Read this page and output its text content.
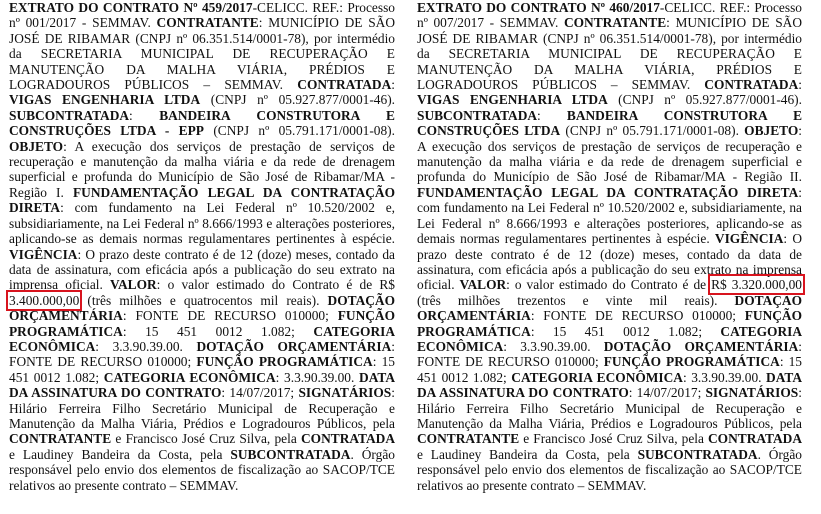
EXTRATO DO CONTRATO Nº 459/2017-CELICC. REF.: Processo nº 001/2017 - SEMMAV. CONTRATANTE: MUNICÍPIO DE SÃO JOSÉ DE RIBAMAR (CNPJ nº 06.351.514/0001-78), por intermédio da SECRETARIA MUNICIPAL DE RECUPERAÇÃO E MANUTENÇÃO DA MALHA VIÁRIA, PRÉDIOS E LOGRADOUROS PÚBLICOS – SEMMAV. CONTRATADA: VIGAS ENGENHARIA LTDA (CNPJ nº 05.927.877/0001-46). SUBCONTRATADA: BANDEIRA CONSTRUTORA E CONSTRUÇÕES LTDA - EPP (CNPJ nº 05.791.171/0001-08). OBJETO: A execução dos serviços de prestação de serviços de recuperação e manutenção da malha viária e da rede de drenagem superficial e profunda do Município de São José de Ribamar/MA - Região I. FUNDAMENTAÇÃO LEGAL DA CONTRATAÇÃO DIRETA: com fundamento na Lei Federal nº 10.520/2002 e, subsidiariamente, na Lei Federal nº 8.666/1993 e alterações posteriores, aplicando-se as demais normas regulamentares pertinentes à espécie. VIGÊNCIA: O prazo deste contrato é de 12 (doze) meses, contado da data de assinatura, com eficácia após a publicação do seu extrato na imprensa oficial. VALOR: o valor estimado do Contrato é de R$ 3.400.000,00 (três milhões e quatrocentos mil reais). DOTAÇÃO ORÇAMENTÁRIA: FONTE DE RECURSO 010000; FUNÇÃO PROGRAMÁTICA: 15 451 0012 1.082; CATEGORIA ECONÔMICA: 3.3.90.39.00. DOTAÇÃO ORÇAMENTÁRIA: FONTE DE RECURSO 010000; FUNÇÃO PROGRAMÁTICA: 15 451 0012 1.082; CATEGORIA ECONÔMICA: 3.3.90.39.00. DATA DA ASSINATURA DO CONTRATO: 14/07/2017; SIGNATÁRIOS: Hilário Ferreira Filho Secretário Municipal de Recuperação e Manutenção da Malha Viária, Prédios e Logradouros Públicos, pela CONTRATANTE e Francisco José Cruz Silva, pela CONTRATADA e Laudiney Bandeira da Costa, pela SUBCONTRATADA. Órgão responsável pelo envio dos elementos de fiscalização ao SACOP/TCE relativos ao presente contrato – SEMMAV.

EXTRATO DO CONTRATO Nº 460/2017-CELICC. REF.: Processo nº 007/2017 - SEMMAV. CONTRATANTE: MUNICÍPIO DE SÃO JOSÉ DE RIBAMAR (CNPJ nº 06.351.514/0001-78), por intermédio da SECRETARIA MUNICIPAL DE RECUPERAÇÃO E MANUTENÇÃO DA MALHA VIÁRIA, PRÉDIOS E LOGRADOUROS PÚBLICOS – SEMMAV. CONTRATADA: VIGAS ENGENHARIA LTDA (CNPJ nº 05.927.877/0001-46). SUBCONTRATADA: BANDEIRA CONSTRUTORA E CONSTRUÇÕES LTDA (CNPJ nº 05.791.171/0001-08). OBJETO: A execução dos serviços de prestação de serviços de recuperação e manutenção da malha viária e da rede de drenagem superficial e profunda do Município de São José de Ribamar/MA - Região II. FUNDAMENTAÇÃO LEGAL DA CONTRATAÇÃO DIRETA: com fundamento na Lei Federal nº 10.520/2002 e, subsidiariamente, na Lei Federal nº 8.666/1993 e alterações posteriores, aplicando-se as demais normas regulamentares pertinentes à espécie. VIGÊNCIA: O prazo deste contrato é de 12 (doze) meses, contado da data de assinatura, com eficácia após a publicação do seu extrato na imprensa oficial. VALOR: o valor estimado do Contrato é de R$ 3.320.000,00 (três milhões trezentos e vinte mil reais). DOTAÇÃO ORÇAMENTÁRIA: FONTE DE RECURSO 010000; FUNÇÃO PROGRAMÁTICA: 15 451 0012 1.082; CATEGORIA ECONÔMICA: 3.3.90.39.00. DOTAÇÃO ORÇAMENTÁRIA: FONTE DE RECURSO 010000; FUNÇÃO PROGRAMÁTICA: 15 451 0012 1.082; CATEGORIA ECONÔMICA: 3.3.90.39.00. DATA DA ASSINATURA DO CONTRATO: 14/07/2017; SIGNATÁRIOS: Hilário Ferreira Filho Secretário Municipal de Recuperação e Manutenção da Malha Viária, Prédios e Logradouros Públicos, pela CONTRATANTE e Francisco José Cruz Silva, pela CONTRATADA e Laudiney Bandeira da Costa, pela SUBCONTRATADA. Órgão responsável pelo envio dos elementos de fiscalização ao SACOP/TCE relativos ao presente contrato – SEMMAV.
